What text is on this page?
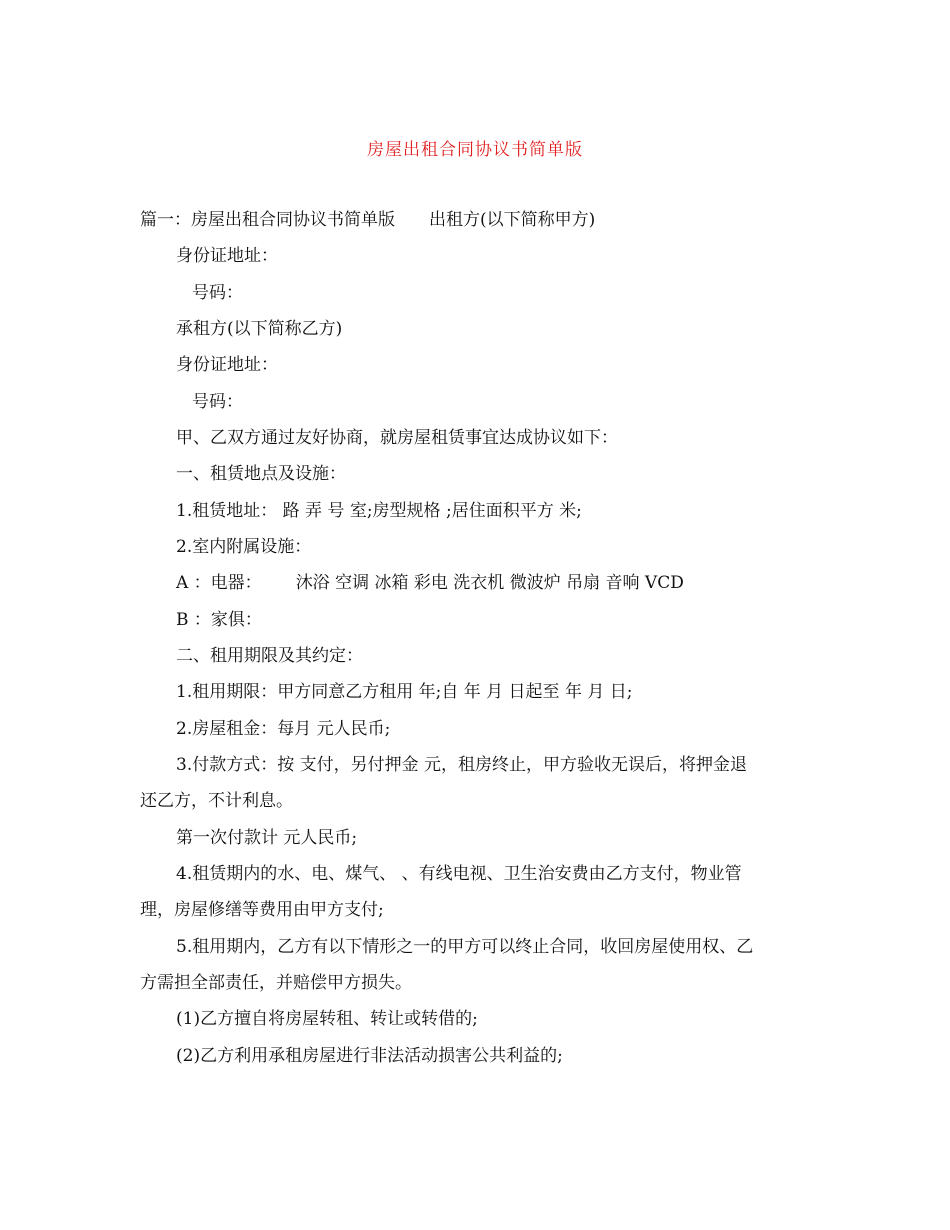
房屋出租合同协议书简单版
篇一：房屋出租合同协议书简单版 出租方(以下简称甲方)
身份证地址：
号码：
承租方(以下简称乙方)
身份证地址：
号码：
甲、乙双方通过友好协商，就房屋租赁事宜达成协议如下：
一、租赁地点及设施：
1.租赁地址： 路 弄 号 室;房型规格 ;居住面积平方 米;
2.室内附属设施：
A ：电器： 沐浴 空调 冰箱 彩电 洗衣机 微波炉 吊扇 音响 VCD
B ：家俱：
二、租用期限及其约定：
1.租用期限：甲方同意乙方租用 年;自 年 月 日起至 年 月 日;
2.房屋租金：每月 元人民币;
3.付款方式：按 支付，另付押金 元，租房终止，甲方验收无误后，将押金退
还乙方，不计利息。
第一次付款计 元人民币;
4.租赁期内的水、电、煤气、 、有线电视、卫生治安费由乙方支付，物业管
理，房屋修缮等费用由甲方支付;
5.租用期内，乙方有以下情形之一的甲方可以终止合同，收回房屋使用权、乙
方需担全部责任，并赔偿甲方损失。
(1)乙方擅自将房屋转租、转让或转借的;
(2)乙方利用承租房屋进行非法活动损害公共利益的;
